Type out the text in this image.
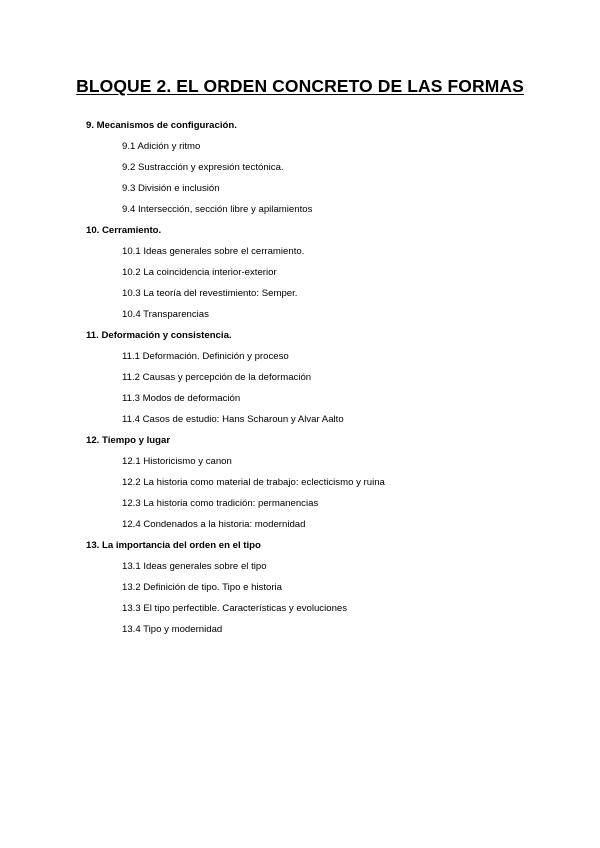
BLOQUE 2. EL ORDEN CONCRETO DE LAS FORMAS
9. Mecanismos de configuración.
9.1 Adición y ritmo
9.2 Sustracción y expresión tectónica.
9.3 División e inclusión
9.4 Intersección, sección libre y apilamientos
10. Cerramiento.
10.1 Ideas generales sobre el cerramiento.
10.2 La coincidencia interior-exterior
10.3 La teoría del revestimiento: Semper.
10.4 Transparencias
11. Deformación y consistencia.
11.1 Deformación. Definición y proceso
11.2 Causas y percepción de la deformación
11.3 Modos de deformación
11.4 Casos de estudio: Hans Scharoun y Alvar Aalto
12. Tiempo y lugar
12.1 Historicismo y canon
12.2 La historia como material de trabajo: eclecticismo y ruina
12.3 La historia como tradición: permanencias
12.4 Condenados a la historia: modernidad
13. La importancia del orden en el tipo
13.1 Ideas generales sobre el tipo
13.2 Definición de tipo. Tipo e historia
13.3 El tipo perfectible. Características y evoluciones
13.4 Tipo y modernidad
